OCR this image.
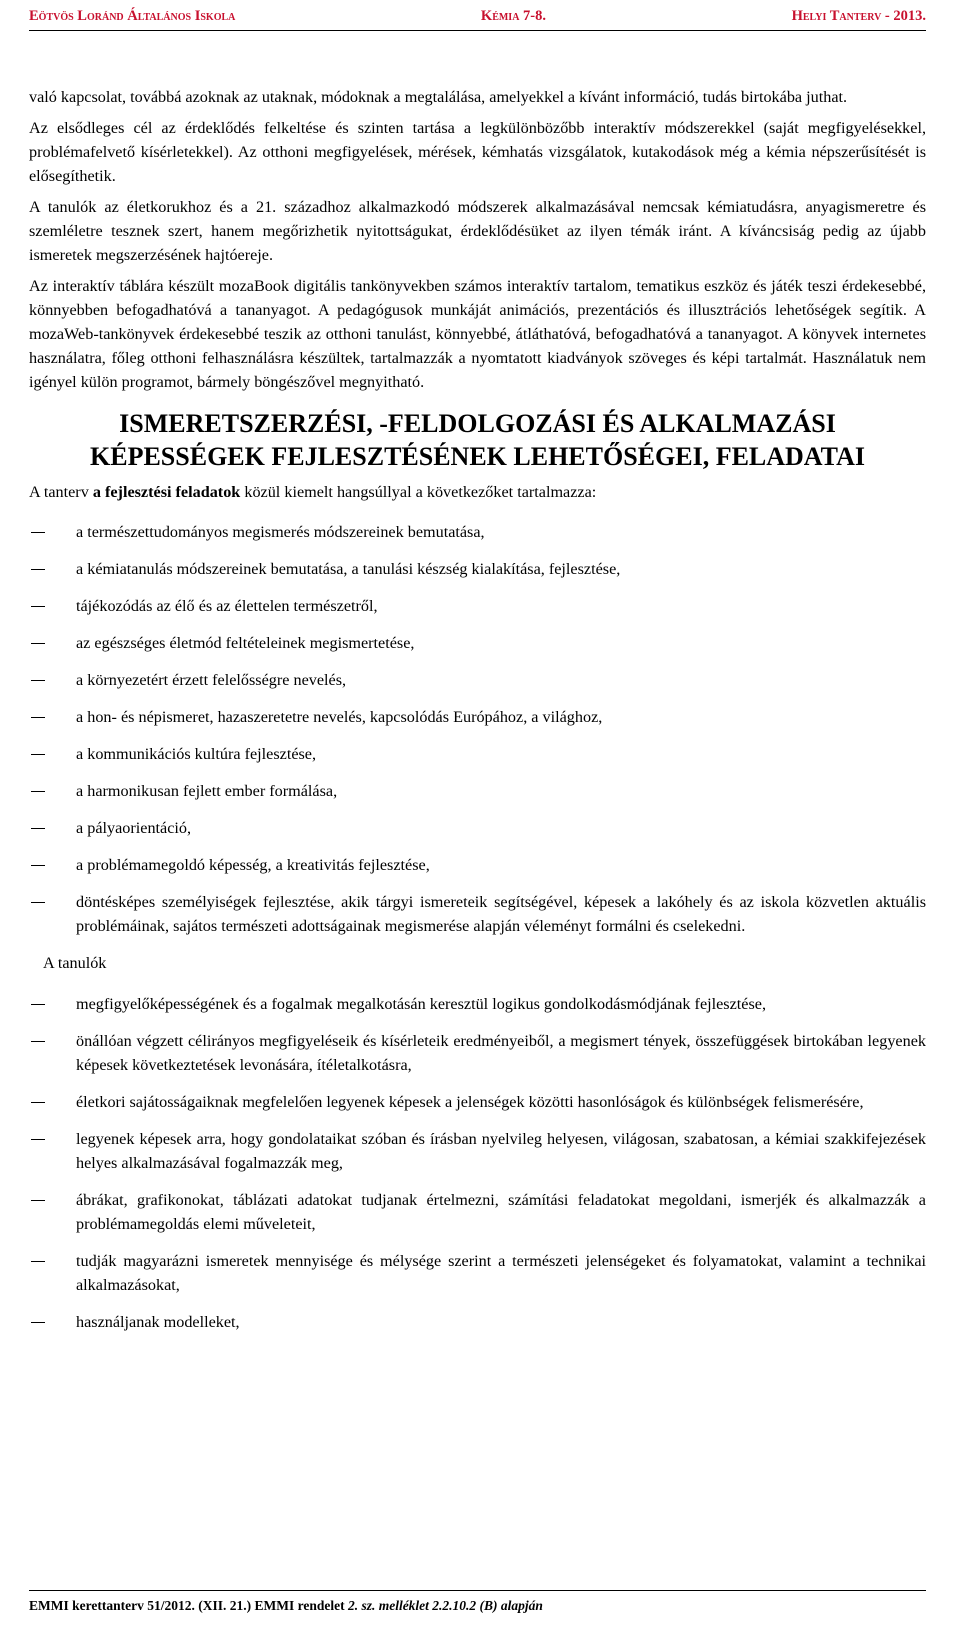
Eötvös Loránd Általános Iskola	Kémia 7-8.	Helyi Tanterv - 2013.

való kapcsolat, továbbá azoknak az utaknak, módoknak a megtalálása, amelyekkel a kívánt információ, tudás birtokába juthat.

Az elsődleges cél az érdeklődés felkeltése és szinten tartása a legkülönbözőbb interaktív módszerekkel (saját megfigyelésekkel, problémafelvető kísérletekkel). Az otthoni megfigyelések, mérések, kémhatás vizsgálatok, kutakodások még a kémia népszerűsítését is elősegíthetik.

A tanulók az életkorukhoz és a 21. századhoz alkalmazkodó módszerek alkalmazásával nemcsak kémiatudásra, anyagismeretre és szemléletre tesznek szert, hanem megőrizhetik nyitottságukat, érdeklődésüket az ilyen témák iránt. A kíváncsiság pedig az újabb ismeretek megszerzésének hajtóereje.

Az interaktív táblára készült mozaBook digitális tankönyvekben számos interaktív tartalom, tematikus eszköz és játék teszi érdekesebbé, könnyebben befogadhatóvá a tananyagot. A pedagógusok munkáját animációs, prezentációs és illusztrációs lehetőségek segítik. A mozaWeb-tankönyvek érdekesebbé teszik az otthoni tanulást, könnyebbé, átláthatóvá, befogadhatóvá a tananyagot. A könyvek internetes használatra, főleg otthoni felhasználásra készültek, tartalmazzák a nyomtatott kiadványok szöveges és képi tartalmát. Használatuk nem igényel külön programot, bármely böngészővel megnyitható.

ISMERETSZERZÉSI, -FELDOLGOZÁSI ÉS ALKALMAZÁSI
KÉPESSÉGEK FEJLESZTÉSÉNEK LEHETŐSÉGEI, FELADATAI

A tanterv a fejlesztési feladatok közül kiemelt hangsúllyal a következőket tartalmazza:

a természettudományos megismerés módszereinek bemutatása,
a kémiatanulás módszereinek bemutatása, a tanulási készség kialakítása, fejlesztése,
tájékozódás az élő és az élettelen természetről,
az egészséges életmód feltételeinek megismertetése,
a környezetért érzett felelősségre nevelés,
a hon- és népismeret, hazaszeretetre nevelés, kapcsolódás Európához, a világhoz,
a kommunikációs kultúra fejlesztése,
a harmonikusan fejlett ember formálása,
a pályaorientáció,
a problémamegoldó képesség, a kreativitás fejlesztése,
döntésképes személyiségek fejlesztése, akik tárgyi ismereteik segítségével, képesek a lakóhely és az iskola közvetlen aktuális problémáinak, sajátos természeti adottságainak megismerése alapján véleményt formálni és cselekedni.

A tanulók

megfigyelőképességének és a fogalmak megalkotásán keresztül logikus gondolkodásmódjának fejlesztése,
önállóan végzett célirányos megfigyeléseik és kísérleteik eredményeiből, a megismert tények, összefüggések birtokában legyenek képesek következtetések levonására, ítéletalkotásra,
életkori sajátosságaiknak megfelelően legyenek képesek a jelenségek közötti hasonlóságok és különbségek felismerésére,
legyenek képesek arra, hogy gondolataikat szóban és írásban nyelvileg helyesen, világosan, szabatosan, a kémiai szakkifejezések helyes alkalmazásával fogalmazzák meg,
ábrákat, grafikonokat, táblázati adatokat tudjanak értelmezni, számítási feladatokat megoldani, ismerjék és alkalmazzák a problémamegoldás elemi műveleteit,
tudják magyarázni ismeretek mennyisége és mélysége szerint a természeti jelenségeket és folyamatokat, valamint a technikai alkalmazásokat,
használjanak modelleket,
EMMI kerettanterv 51/2012. (XII. 21.) EMMI rendelet 2. sz. melléklet 2.2.10.2 (B) alapján
